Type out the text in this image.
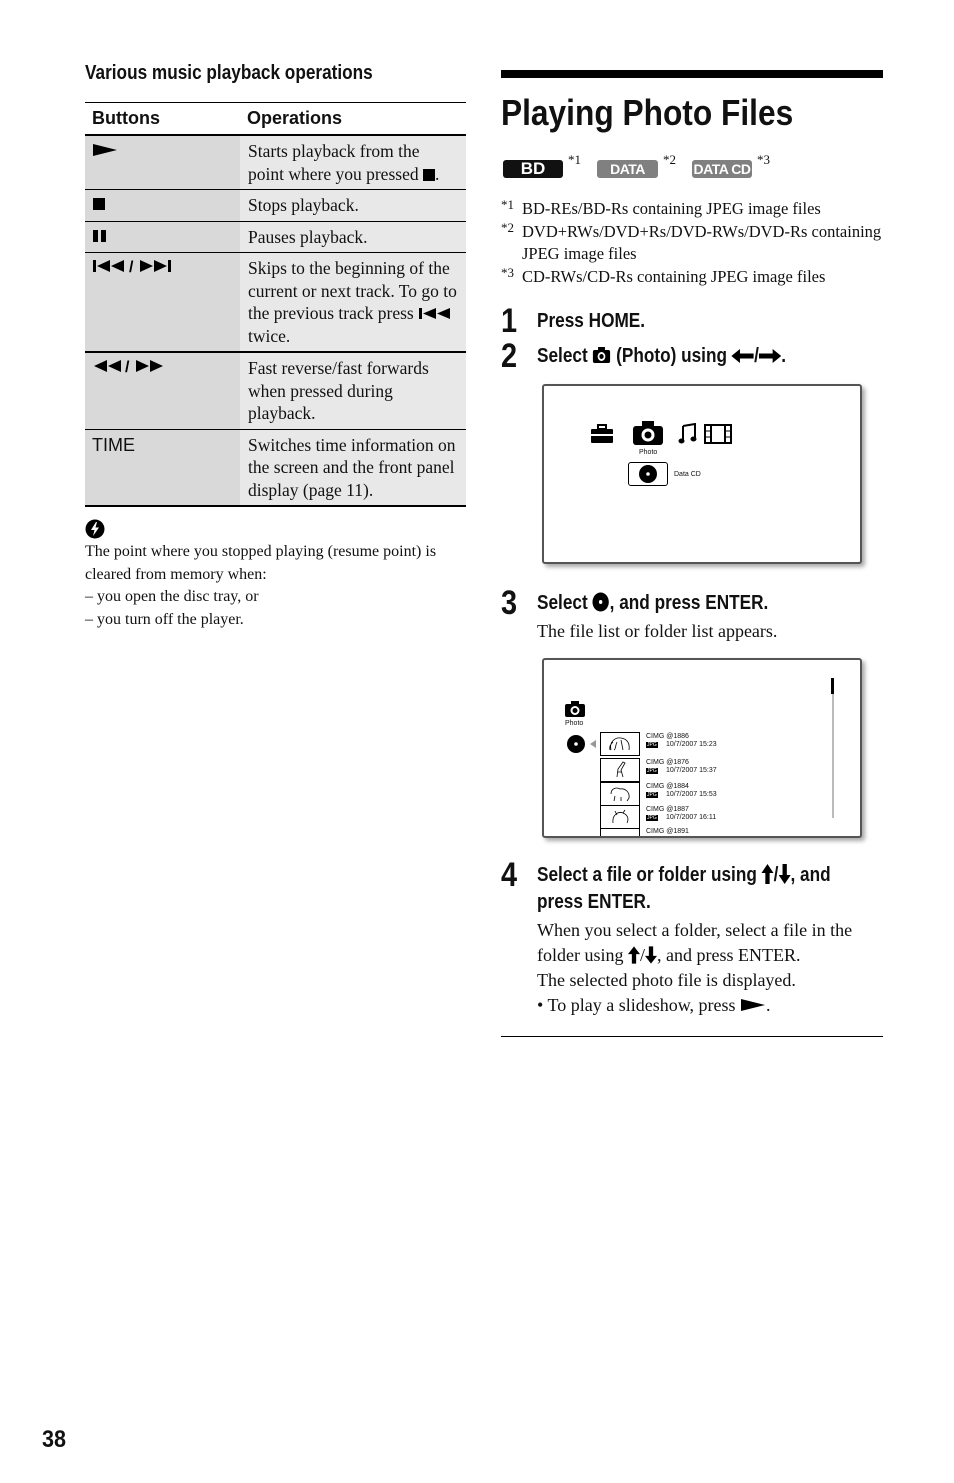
Various music playback operations
Buttons	Operations
	Starts playback from the point where you pressed .
	Stops playback.
	Pauses playback.

/	Skips to the beginning of the current or next track. To go to the previous track press  twice.

/	Fast reverse/fast forwards when pressed during playback.
TIME	Switches time information on the screen and the front panel display (page 11).
The point where you stopped playing (resume point) is cleared from memory when:
– you open the disc tray, or
– you turn off the player.
Playing Photo Files
BD	*1
DATA DVD
*2
DATA CD
*3
*1 BD-REs/BD-Rs containing JPEG image files
*2 DVD+RWs/DVD+Rs/DVD-RWs/DVD-Rs containing JPEG image files
*3 CD-RWs/CD-Rs containing JPEG image files
1 Press HOME.
2 Select  (Photo) using / .
Photo
Data CD
3 Select , and press ENTER.
The file list or folder list appears.
Photo
CIMG @1886
JPG 10/7/2007 15:23
CIMG @1876
JPG 10/7/2007 15:37
CIMG @1884
JPG 10/7/2007 15:53
CIMG @1887
JPG 10/7/2007 16:11
CIMG @1891
4 Select a file or folder using / , and press ENTER.
When you select a folder, select a file in the folder using / , and press ENTER.
The selected photo file is displayed.
• To play a slideshow, press .
38
